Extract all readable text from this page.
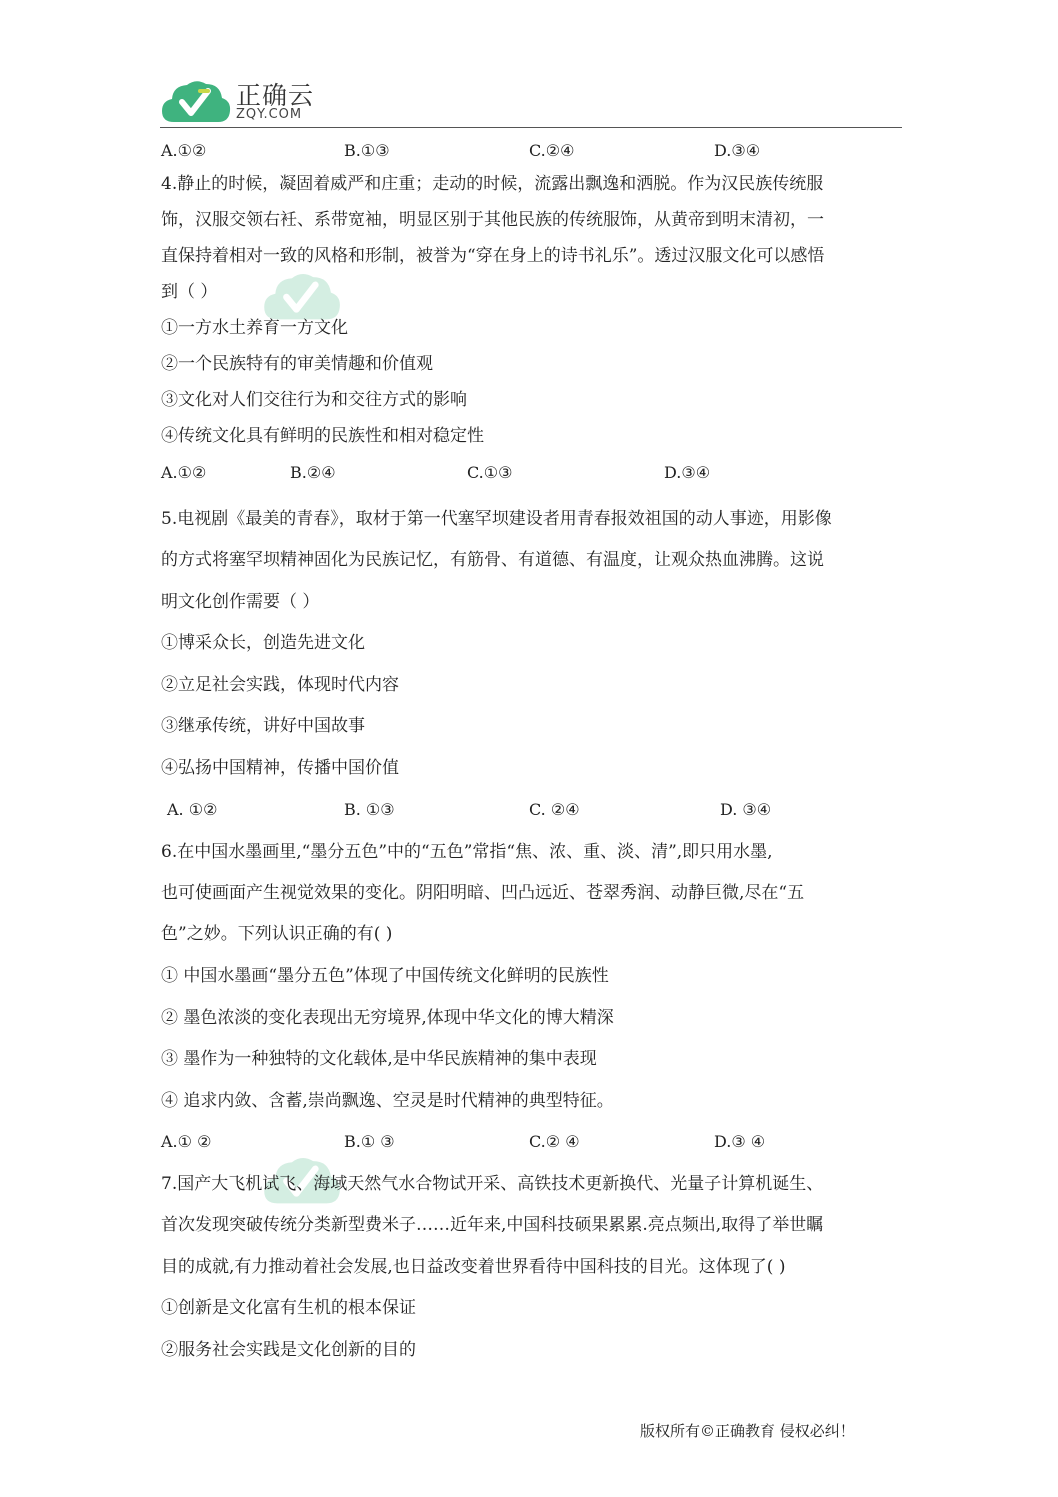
正确云
ZQY.COM
A.①②	B.①③	C.②④	D.③④
4.静止的时候，凝固着威严和庄重；走动的时候，流露出飘逸和洒脱。作为汉民族传统服
饰，汉服交领右衽、系带宽袖，明显区别于其他民族的传统服饰，从黄帝到明末清初，一
直保持着相对一致的风格和形制，被誉为“穿在身上的诗书礼乐”。透过汉服文化可以感悟
到（ ）
①一方水土养育一方文化
②一个民族特有的审美情趣和价值观
③文化对人们交往行为和交往方式的影响
④传统文化具有鲜明的民族性和相对稳定性
A.①②	B.②④	C.①③	D.③④
5.电视剧《最美的青春》，取材于第一代塞罕坝建设者用青春报效祖国的动人事迹，用影像
的方式将塞罕坝精神固化为民族记忆，有筋骨、有道德、有温度，让观众热血沸腾。这说
明文化创作需要（ ）
①博采众长，创造先进文化
②立足社会实践，体现时代内容
③继承传统，讲好中国故事
④弘扬中国精神，传播中国价值
A. ①②	B. ①③	C. ②④	D. ③④
6.在中国水墨画里,“墨分五色”中的“五色”常指“焦、浓、重、淡、清”,即只用水墨,
也可使画面产生视觉效果的变化。阴阳明暗、凹凸远近、苍翠秀润、动静巨微,尽在“五
色”之妙。下列认识正确的有( )
① 中国水墨画“墨分五色”体现了中国传统文化鲜明的民族性
② 墨色浓淡的变化表现出无穷境界,体现中华文化的博大精深
③ 墨作为一种独特的文化载体,是中华民族精神的集中表现
④ 追求内敛、含蓄,崇尚飘逸、空灵是时代精神的典型特征。
A.① ②	B.① ③	C.② ④	D.③ ④
7.国产大飞机试飞、海域天然气水合物试开采、高铁技术更新换代、光量子计算机诞生、
首次发现突破传统分类新型费米子……近年来,中国科技硕果累累.亮点频出,取得了举世瞩
目的成就,有力推动着社会发展,也日益改变着世界看待中国科技的目光。这体现了( )
①创新是文化富有生机的根本保证
②服务社会实践是文化创新的目的
版权所有©正确教育 侵权必纠！
